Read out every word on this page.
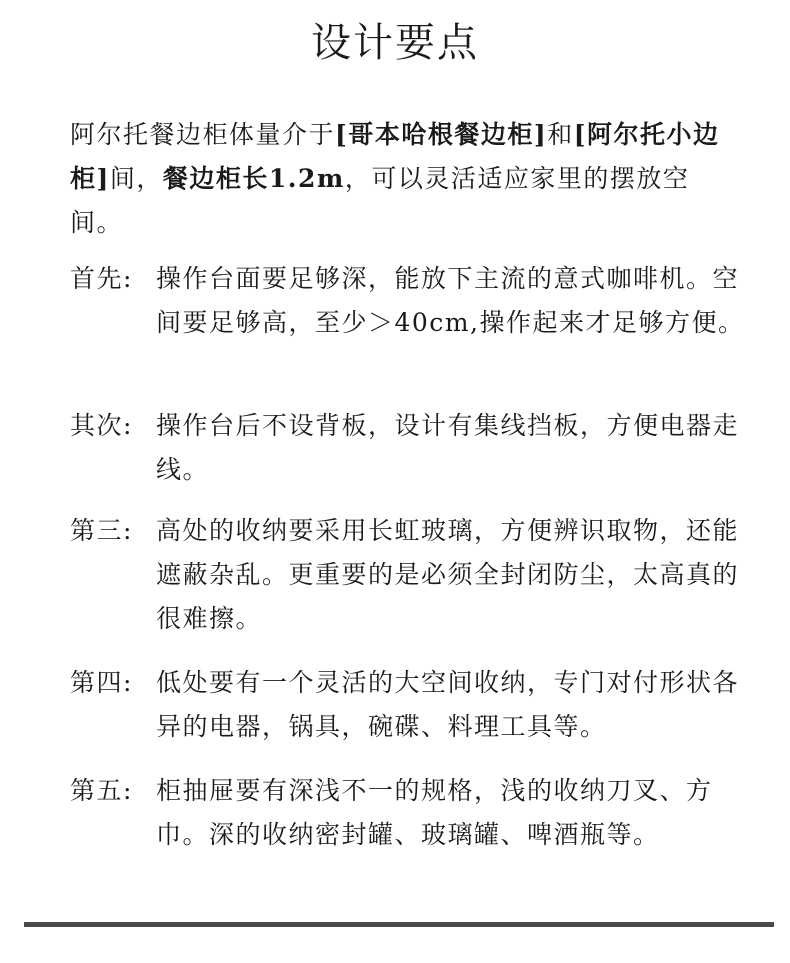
设计要点
阿尔托餐边柜体量介于[哥本哈根餐边柜]和[阿尔托小边柜]间，餐边柜长1.2m，可以灵活适应家里的摆放空间。
首先: 操作台面要足够深，能放下主流的意式咖啡机。空间要足够高，至少＞40cm,操作起来才足够方便。
其次: 操作台后不设背板，设计有集线挡板，方便电器走线。
第三: 高处的收纳要采用长虹玻璃，方便辨识取物，还能遮蔽杂乱。更重要的是必须全封闭防尘，太高真的很难擦。
第四: 低处要有一个灵活的大空间收纳，专门对付形状各异的电器，锅具，碗碟、料理工具等。
第五: 柜抽屉要有深浅不一的规格，浅的收纳刀叉、方巾。深的收纳密封罐、玻璃罐、啤酒瓶等。
